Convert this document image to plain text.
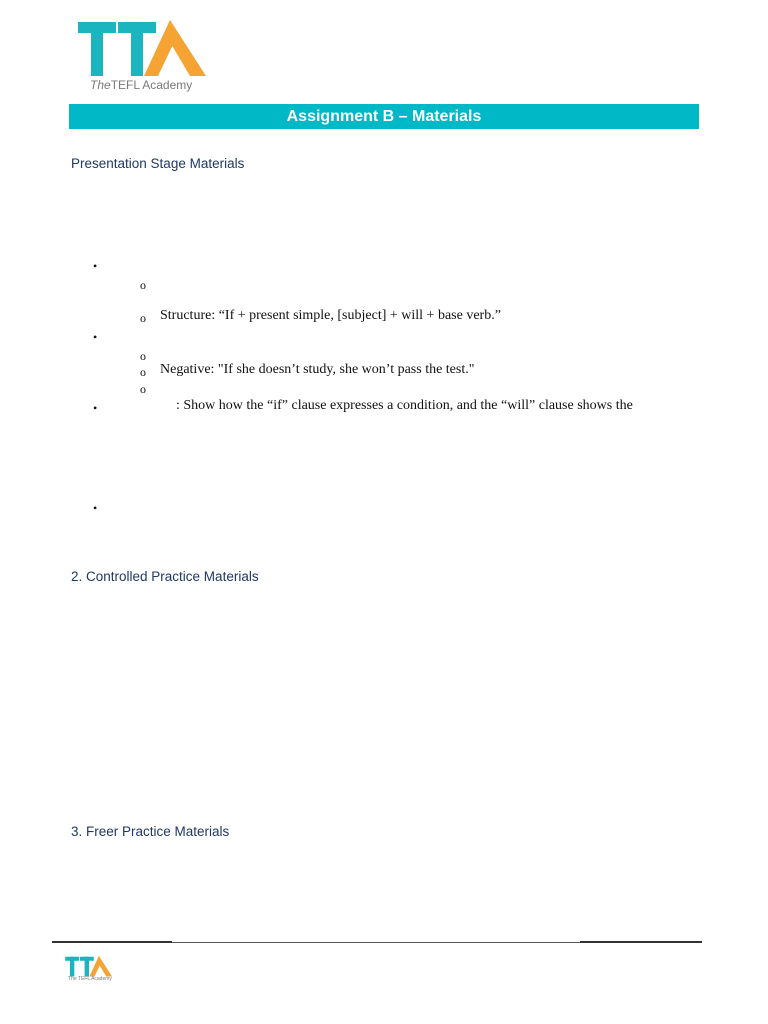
TheTEFL Academy
Assignment B – Materials
Presentation Stage Materials
•
o
o Structure: “If + present simple, [subject] + will + base verb.”
•
o
o Negative: "If she doesn’t study, she won’t pass the test."
o
•	: Show how the “if” clause expresses a condition, and the “will” clause shows the
•
2. Controlled Practice Materials
3. Freer Practice Materials
The TEFL Academy
